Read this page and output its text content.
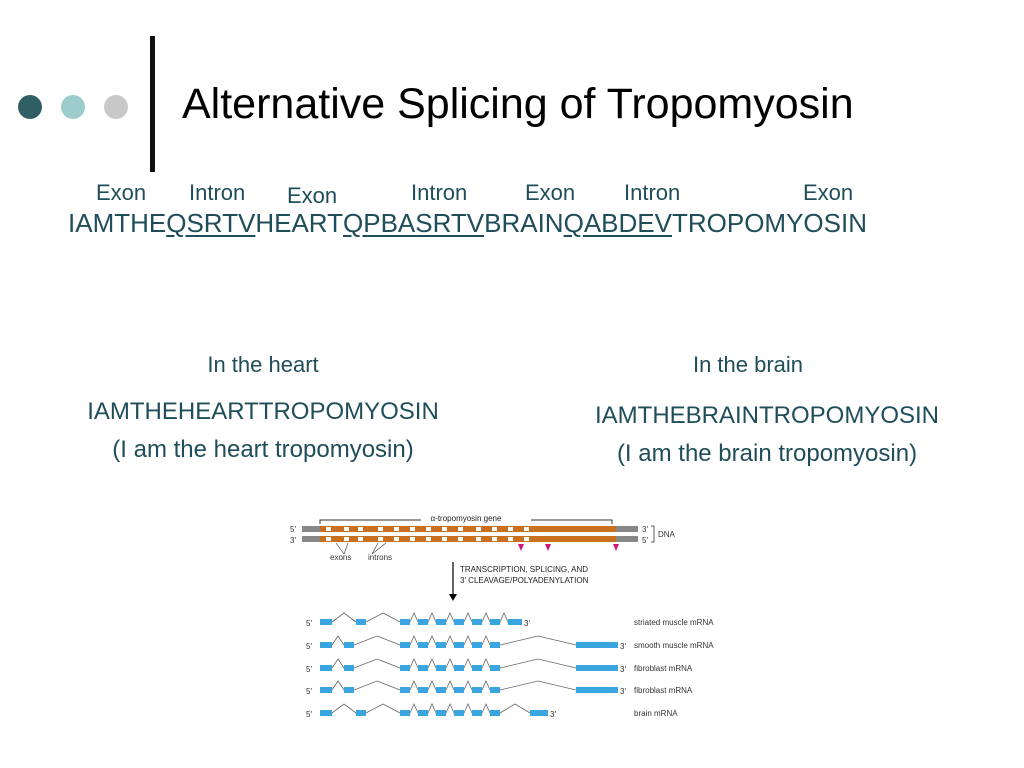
Alternative Splicing of Tropomyosin
Exon Intron Exon	Intron	Exon Intron	Exon
IAMTHEQSRTVHEARTQPBASRTVBRAINQABDEVTROPOMYOSIN
In the heart
IAMTHEHEARTTROPOMYOSIN
(I am the heart tropomyosin)
In the brain
IAMTHEBRAINTROPOMYOSIN
(I am the brain tropomyosin)
α-tropomyosin gene
5′
3′
3′
5′
DNA
exons introns
TRANSCRIPTION, SPLICING, AND
3′ CLEAVAGE/POLYADENYLATION
5′	3′	striated muscle mRNA
5′	3′ smooth muscle mRNA
5′	3′ fibroblast mRNA
5′	3′ fibroblast mRNA
5′	3′	brain mRNA
